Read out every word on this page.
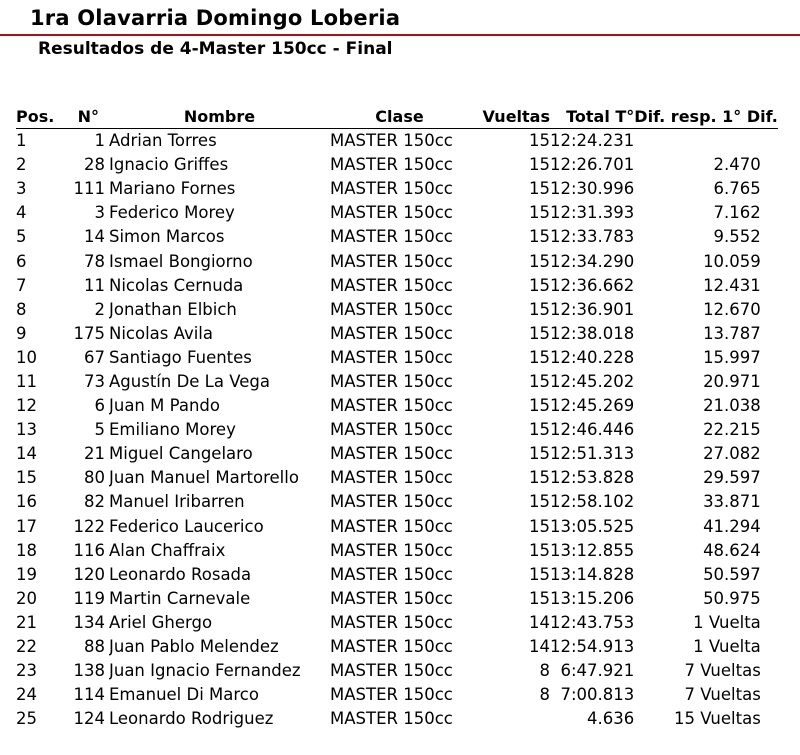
1ra Olavarria Domingo Loberia
Resultados de 4-Master 150cc - Final
Pos.	N°	Nombre	Clase	Vueltas	Total T°	Dif. resp. 1° Dif.
1	1	Adrian Torres	MASTER 150cc	15	12:24.231	
2	28	Ignacio Griffes	MASTER 150cc	15	12:26.701	2.470
3	111	Mariano Fornes	MASTER 150cc	15	12:30.996	6.765
4	3	Federico Morey	MASTER 150cc	15	12:31.393	7.162
5	14	Simon Marcos	MASTER 150cc	15	12:33.783	9.552
6	78	Ismael Bongiorno	MASTER 150cc	15	12:34.290	10.059
7	11	Nicolas Cernuda	MASTER 150cc	15	12:36.662	12.431
8	2	Jonathan Elbich	MASTER 150cc	15	12:36.901	12.670
9	175	Nicolas Avila	MASTER 150cc	15	12:38.018	13.787
10	67	Santiago Fuentes	MASTER 150cc	15	12:40.228	15.997
11	73	Agustín De La Vega	MASTER 150cc	15	12:45.202	20.971
12	6	Juan M Pando	MASTER 150cc	15	12:45.269	21.038
13	5	Emiliano Morey	MASTER 150cc	15	12:46.446	22.215
14	21	Miguel Cangelaro	MASTER 150cc	15	12:51.313	27.082
15	80	Juan Manuel Martorello	MASTER 150cc	15	12:53.828	29.597
16	82	Manuel Iribarren	MASTER 150cc	15	12:58.102	33.871
17	122	Federico Laucerico	MASTER 150cc	15	13:05.525	41.294
18	116	Alan Chaffraix	MASTER 150cc	15	13:12.855	48.624
19	120	Leonardo Rosada	MASTER 150cc	15	13:14.828	50.597
20	119	Martin Carnevale	MASTER 150cc	15	13:15.206	50.975
21	134	Ariel Ghergo	MASTER 150cc	14	12:43.753	1 Vuelta
22	88	Juan Pablo Melendez	MASTER 150cc	14	12:54.913	1 Vuelta
23	138	Juan Ignacio Fernandez	MASTER 150cc	8	6:47.921	7 Vueltas
24	114	Emanuel Di Marco	MASTER 150cc	8	7:00.813	7 Vueltas
25	124	Leonardo Rodriguez	MASTER 150cc		4.636	15 Vueltas
